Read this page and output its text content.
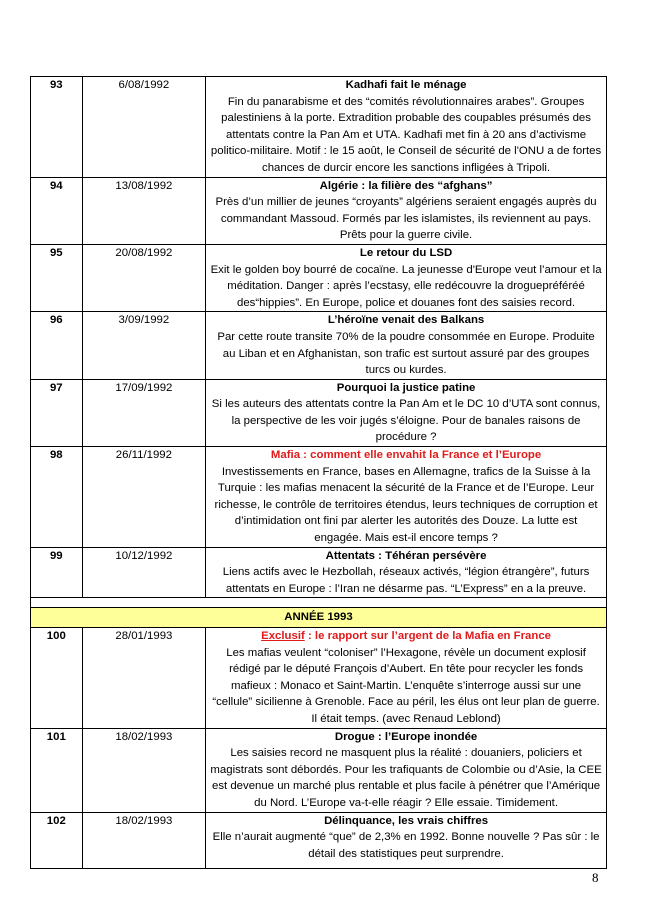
93	6/08/1992	Kadhafi fait le ménage
Fin du panarabisme et des “comités révolutionnaires arabes”. Groupes palestiniens à la porte. Extradition probable des coupables présumés des attentats contre la Pan Am et UTA. Kadhafi met fin à 20 ans d’activisme politico-militaire. Motif : le 15 août, le Conseil de sécurité de l'ONU a de fortes chances de durcir encore les sanctions infligées à Tripoli.

94	13/08/1992	Algérie : la filière des “afghans”
Près d’un millier de jeunes “croyants” algériens seraient engagés auprès du commandant Massoud. Formés par les islamistes, ils reviennent au pays. Prêts pour la guerre civile.

95	20/08/1992	Le retour du LSD
Exit le golden boy bourré de cocaïne. La jeunesse d'Europe veut l’amour et la méditation. Danger : après l’ecstasy, elle redécouvre la droguepréféréé des“hippies”. En Europe, police et douanes font des saisies record.

96	3/09/1992	L’héroïne venait des Balkans
Par cette route transite 70% de la poudre consommée en Europe. Produite au Liban et en Afghanistan, son trafic est surtout assuré par des groupes turcs ou kurdes.

97	17/09/1992	Pourquoi la justice patine
Si les auteurs des attentats contre la Pan Am et le DC 10 d’UTA sont connus, la perspective de les voir jugés s’éloigne. Pour de banales raisons de procédure ?

98	26/11/1992	Mafia : comment elle envahit la France et l’Europe
Investissements en France, bases en Allemagne, trafics de la Suisse à la Turquie : les mafias menacent la sécurité de la France et de l’Europe. Leur richesse, le contrôle de territoires étendus, leurs techniques de corruption et d’intimidation ont fini par alerter les autorités des Douze. La lutte est engagée. Mais est-il encore temps ?

99	10/12/1992	Attentats : Téhéran persévère
Liens actifs avec le Hezbollah, réseaux activés, “légion étrangère”, futurs attentats en Europe : l’Iran ne désarme pas. “L’Express” en a la preuve.

ANNÉE 1993		
100	28/01/1993	Exclusif : le rapport sur l’argent de la Mafia en France
Les mafias veulent “coloniser” l’Hexagone, révèle un document explosif rédigé par le député François d’Aubert. En tête pour recycler les fonds mafieux : Monaco et Saint-Martin. L’enquête s’interroge aussi sur une “cellule” sicilienne à Grenoble. Face au péril, les élus ont leur plan de guerre. Il était temps. (avec Renaud Leblond)

101	18/02/1993	Drogue : l’Europe inondée
Les saisies record ne masquent plus la réalité : douaniers, policiers et magistrats sont débordés. Pour les trafiquants de Colombie ou d’Asie, la CEE est devenue un marché plus rentable et plus facile à pénétrer que l’Amérique du Nord. L’Europe va-t-elle réagir ? Elle essaie. Timidement.

102	18/02/1993	Délinquance, les vrais chiffres
Elle n’aurait augmenté “que” de 2,3% en 1992. Bonne nouvelle ? Pas sûr : le détail des statistiques peut surprendre.
8
